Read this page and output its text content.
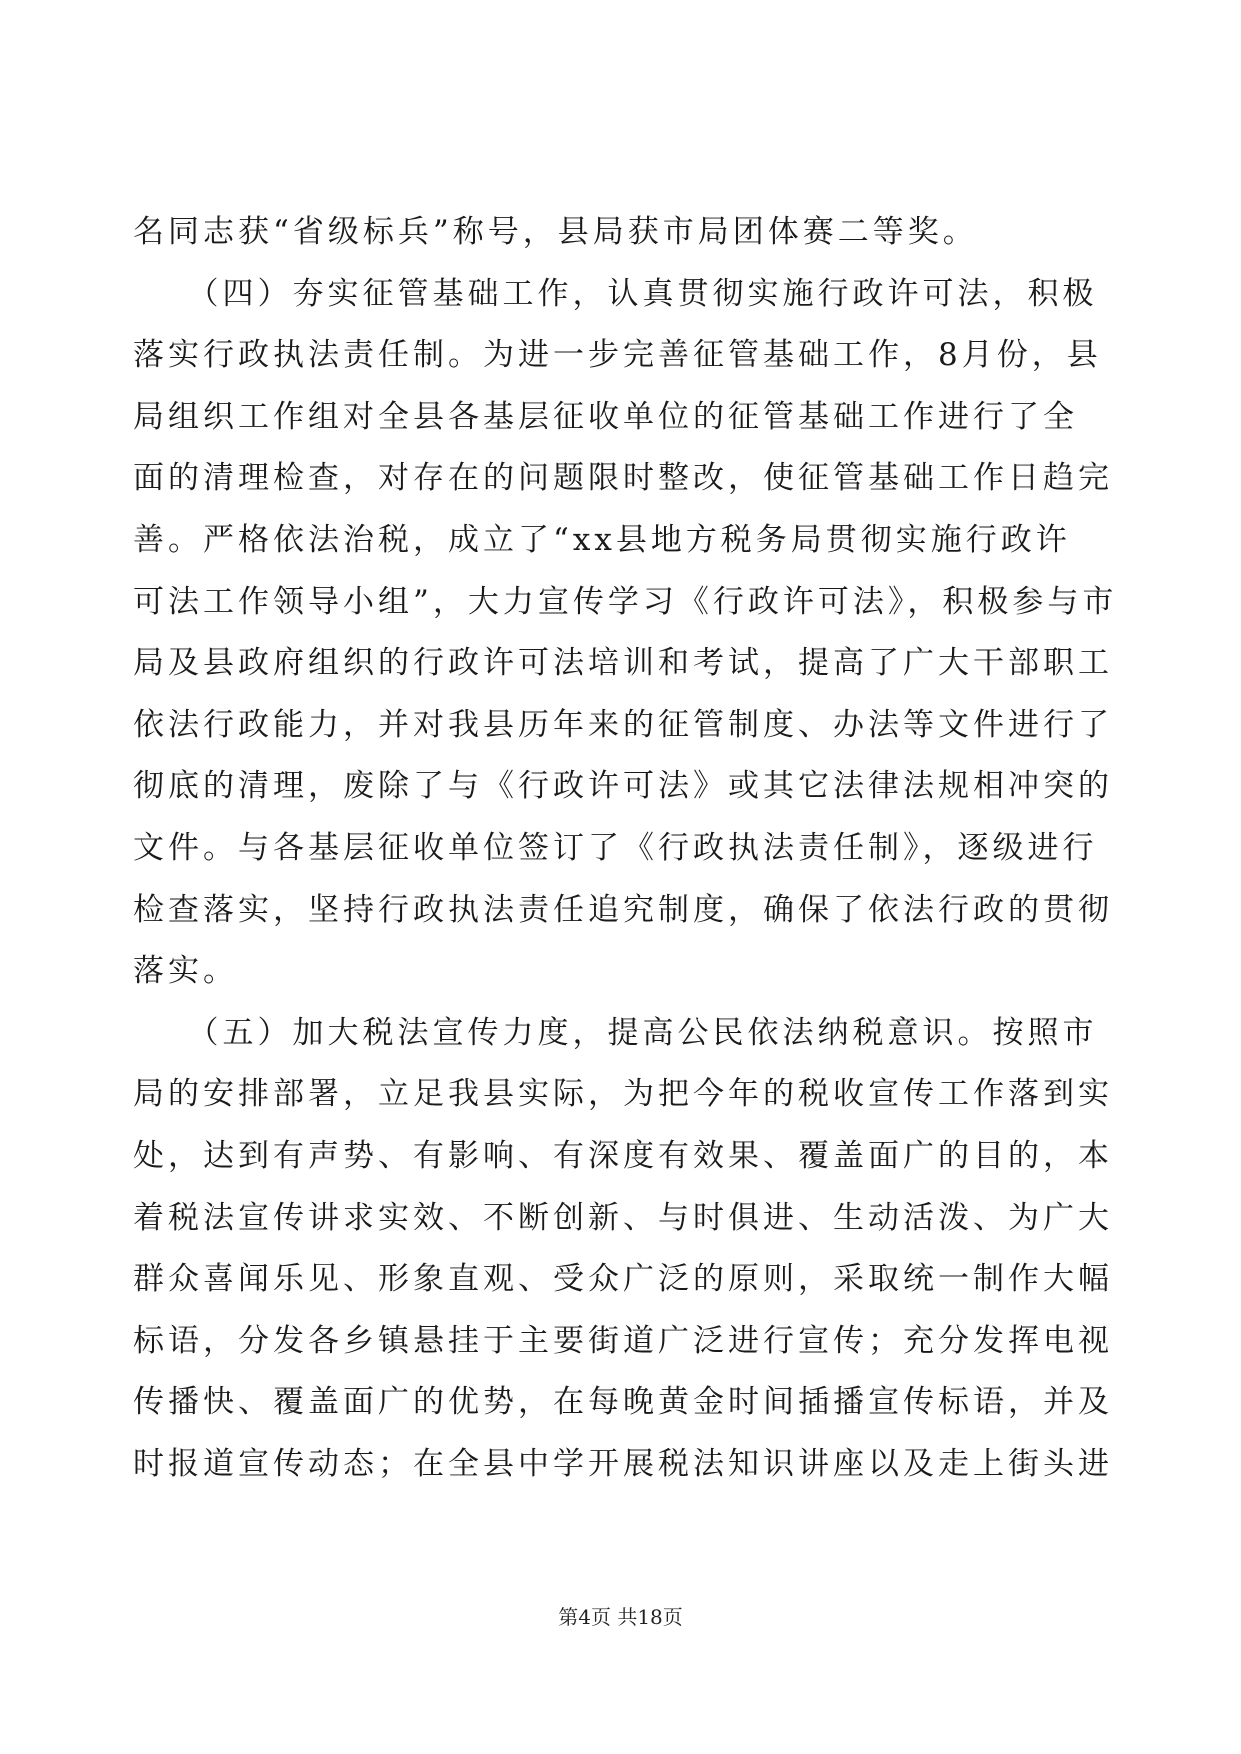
名同志获“省级标兵”称号，县局获市局团体赛二等奖。
　　（四）夯实征管基础工作，认真贯彻实施行政许可法，积极
落实行政执法责任制。为进一步完善征管基础工作，8月份，县
局组织工作组对全县各基层征收单位的征管基础工作进行了全
面的清理检查，对存在的问题限时整改，使征管基础工作日趋完
善。严格依法治税，成立了“xx县地方税务局贯彻实施行政许
可法工作领导小组”，大力宣传学习《行政许可法》，积极参与市
局及县政府组织的行政许可法培训和考试，提高了广大干部职工
依法行政能力，并对我县历年来的征管制度、办法等文件进行了
彻底的清理，废除了与《行政许可法》或其它法律法规相冲突的
文件。与各基层征收单位签订了《行政执法责任制》，逐级进行
检查落实，坚持行政执法责任追究制度，确保了依法行政的贯彻
落实。
　　（五）加大税法宣传力度，提高公民依法纳税意识。按照市
局的安排部署，立足我县实际，为把今年的税收宣传工作落到实
处，达到有声势、有影响、有深度有效果、覆盖面广的目的，本
着税法宣传讲求实效、不断创新、与时俱进、生动活泼、为广大
群众喜闻乐见、形象直观、受众广泛的原则，采取统一制作大幅
标语，分发各乡镇悬挂于主要街道广泛进行宣传；充分发挥电视
传播快、覆盖面广的优势，在每晚黄金时间插播宣传标语，并及
时报道宣传动态；在全县中学开展税法知识讲座以及走上街头进
第4页 共18页
